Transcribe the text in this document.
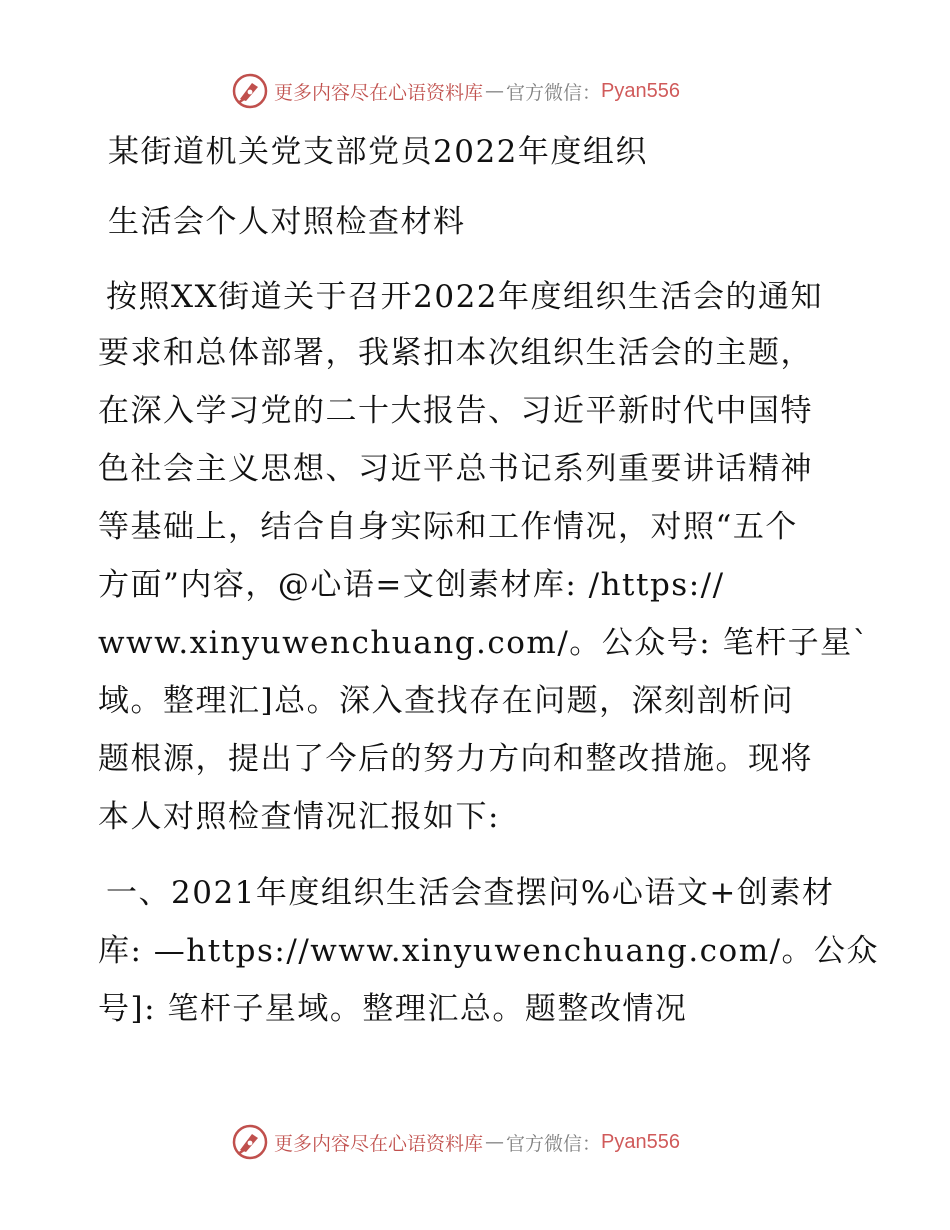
更多内容尽在心语资料库 — 官方微信： Pyan556
某街道机关党支部党员2022年度组织
生活会个人对照检查材料
按照XX街道关于召开2022年度组织生活会的通知
要求和总体部署，我紧扣本次组织生活会的主题，
在深入学习党的二十大报告、习近平新时代中国特
色社会主义思想、习近平总书记系列重要讲话精神
等基础上，结合自身实际和工作情况，对照“五个
方面”内容，@心语=文创素材库: /https://
www.xinyuwenchuang.com/。公众号: 笔杆子星`
域。整理汇]总。深入查找存在问题，深刻剖析问
题根源，提出了今后的努力方向和整改措施。现将
本人对照检查情况汇报如下:
一、2021年度组织生活会查摆问%心语文+创素材
库: —https://www.xinyuwenchuang.com/。公众
号]: 笔杆子星域。整理汇总。题整改情况
更多内容尽在心语资料库 — 官方微信： Pyan556
